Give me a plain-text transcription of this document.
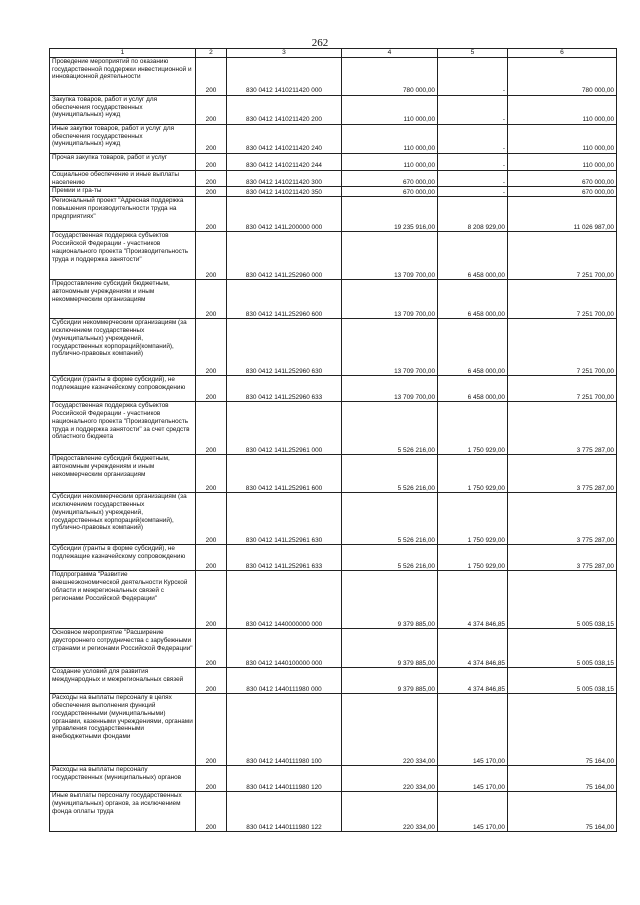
262
1	2	3	4	5	6
Проведение мероприятий по оказанию государственной поддержки инвестиционной и инновационной деятельности	200	830 0412 1410211420 000	780 000,00	-	780 000,00
Закупка товаров, работ и услуг для обеспечения государственных (муниципальных) нужд	200	830 0412 1410211420 200	110 000,00	-	110 000,00
Иные закупки товаров, работ и услуг для обеспечения государственных (муниципальных) нужд	200	830 0412 1410211420 240	110 000,00	-	110 000,00
Прочая закупка товаров, работ и услуг	200	830 0412 1410211420 244	110 000,00	-	110 000,00
Социальное обеспечение и иные выплаты населению	200	830 0412 1410211420 300	670 000,00	-	670 000,00
Премии и гра-ты	200	830 0412 1410211420 350	670 000,00	-	670 000,00
Региональный проект "Адресная поддержка повышения производительности труда на предприятиях"	200	830 0412 141L200000 000	19 235 916,00	8 208 929,00	11 026 987,00
Государственная поддержка субъектов Российской Федерации - участников национального проекта "Производительность труда и поддержка занятости"	200	830 0412 141L252960 000	13 709 700,00	6 458 000,00	7 251 700,00
Предоставление субсидий бюджетным, автономным учреждениям и иным некоммерческим организациям	200	830 0412 141L252960 600	13 709 700,00	6 458 000,00	7 251 700,00
Субсидии некоммерческим организациям (за исключением государственных (муниципальных) учреждений, государственных корпораций(компаний), публично-правовых компаний)	200	830 0412 141L252960 630	13 709 700,00	6 458 000,00	7 251 700,00
Субсидии (гранты в форме субсидий), не подлежащие казначейскому сопровождению	200	830 0412 141L252960 633	13 709 700,00	6 458 000,00	7 251 700,00
Государственная поддержка субъектов Российской Федерации - участников национального проекта "Производительность труда и поддержка занятости" за счет средств областного бюджета	200	830 0412 141L252961 000	5 526 216,00	1 750 929,00	3 775 287,00
Предоставление субсидий бюджетным, автономным учреждениям и иным некоммерческим организациям	200	830 0412 141L252961 600	5 526 216,00	1 750 929,00	3 775 287,00
Субсидии некоммерческим организациям (за исключением государственных (муниципальных) учреждений, государственных корпораций(компаний), публично-правовых компаний)	200	830 0412 141L252961 630	5 526 216,00	1 750 929,00	3 775 287,00
Субсидии (гранты в форме субсидий), не подлежащие казначейскому сопровождению	200	830 0412 141L252961 633	5 526 216,00	1 750 929,00	3 775 287,00
Подпрограмма "Развитие внешнеэкономической деятельности Курской области и межрегиональных связей с регионами Российской Федерации"	200	830 0412 1440000000 000	9 379 885,00	4 374 846,85	5 005 038,15
Основное мероприятие "Расширение двустороннего сотрудничества с зарубежными странами и регионами Российской Федерации"	200	830 0412 1440100000 000	9 379 885,00	4 374 846,85	5 005 038,15
Создание условий для развития международных и межрегиональных связей	200	830 0412 1440111980 000	9 379 885,00	4 374 846,85	5 005 038,15
Расходы на выплаты персоналу в целях обеспечения выполнения функций государственными (муниципальными) органами, казенными учреждениями, органами управления государственными внебюджетными фондами	200	830 0412 1440111980 100	220 334,00	145 170,00	75 164,00
Расходы на выплаты персоналу государственных (муниципальных) органов	200	830 0412 1440111980 120	220 334,00	145 170,00	75 164,00
Иные выплаты персоналу государственных (муниципальных) органов, за исключением фонда оплаты труда	200	830 0412 1440111980 122	220 334,00	145 170,00	75 164,00
